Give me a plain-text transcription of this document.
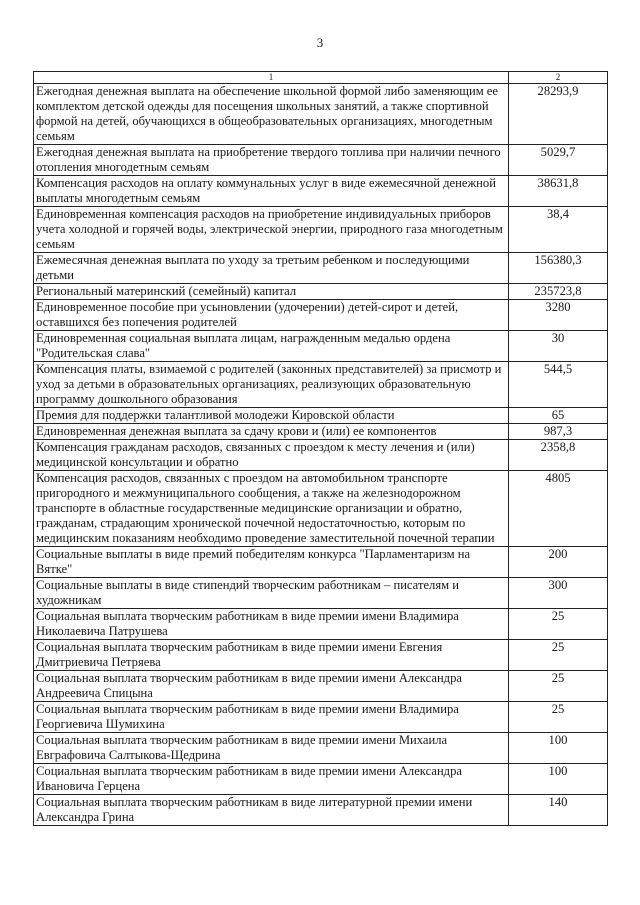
3
1	2
Ежегодная денежная выплата на обеспечение школьной формой либо заменяющим ее комплектом детской одежды для посещения школьных занятий, а также спортивной формой на детей, обучающихся в общеобразовательных организациях, многодетным семьям	28293,9
Ежегодная денежная выплата на приобретение твердого топлива при наличии печного отопления многодетным семьям	5029,7
Компенсация расходов на оплату коммунальных услуг в виде ежемесячной денежной выплаты многодетным семьям	38631,8
Единовременная компенсация расходов на приобретение индивидуальных приборов учета холодной и горячей воды, электрической энергии, природного газа многодетным семьям	38,4
Ежемесячная денежная выплата по уходу за третьим ребенком и последующими детьми	156380,3
Региональный материнский (семейный) капитал	235723,8
Единовременное пособие при усыновлении (удочерении) детей-сирот и детей, оставшихся без попечения родителей	3280
Единовременная социальная выплата лицам, награжденным медалью ордена "Родительская слава"	30
Компенсация платы, взимаемой с родителей (законных представителей) за присмотр и уход за детьми в образовательных организациях, реализующих образовательную программу дошкольного образования	544,5
Премия для поддержки талантливой молодежи Кировской области	65
Единовременная денежная выплата за сдачу крови и (или) ее компонентов	987,3
Компенсация гражданам расходов, связанных с проездом к месту лечения и (или) медицинской консультации и обратно	2358,8
Компенсация расходов, связанных с проездом на автомобильном транспорте пригородного и межмуниципального сообщения, а также на железнодорожном транспорте в областные государственные медицинские организации и обратно, гражданам, страдающим хронической почечной недостаточностью, которым по медицинским показаниям необходимо проведение заместительной почечной терапии	4805
Социальные выплаты в виде премий победителям конкурса "Парламентаризм на Вятке"	200
Социальные выплаты в виде стипендий творческим работникам – писателям и художникам	300
Социальная выплата творческим работникам в виде премии имени Владимира Николаевича Патрушева	25
Социальная выплата творческим работникам в виде премии имени Евгения Дмитриевича Петряева	25
Социальная выплата творческим работникам в виде премии имени Александра Андреевича Спицына	25
Социальная выплата творческим работникам в виде премии имени Владимира Георгиевича Шумихина	25
Социальная выплата творческим работникам в виде премии имени Михаила Евграфовича Салтыкова-Щедрина	100
Социальная выплата творческим работникам в виде премии имени Александра Ивановича Герцена	100
Социальная выплата творческим работникам в виде литературной премии имени Александра Грина	140
